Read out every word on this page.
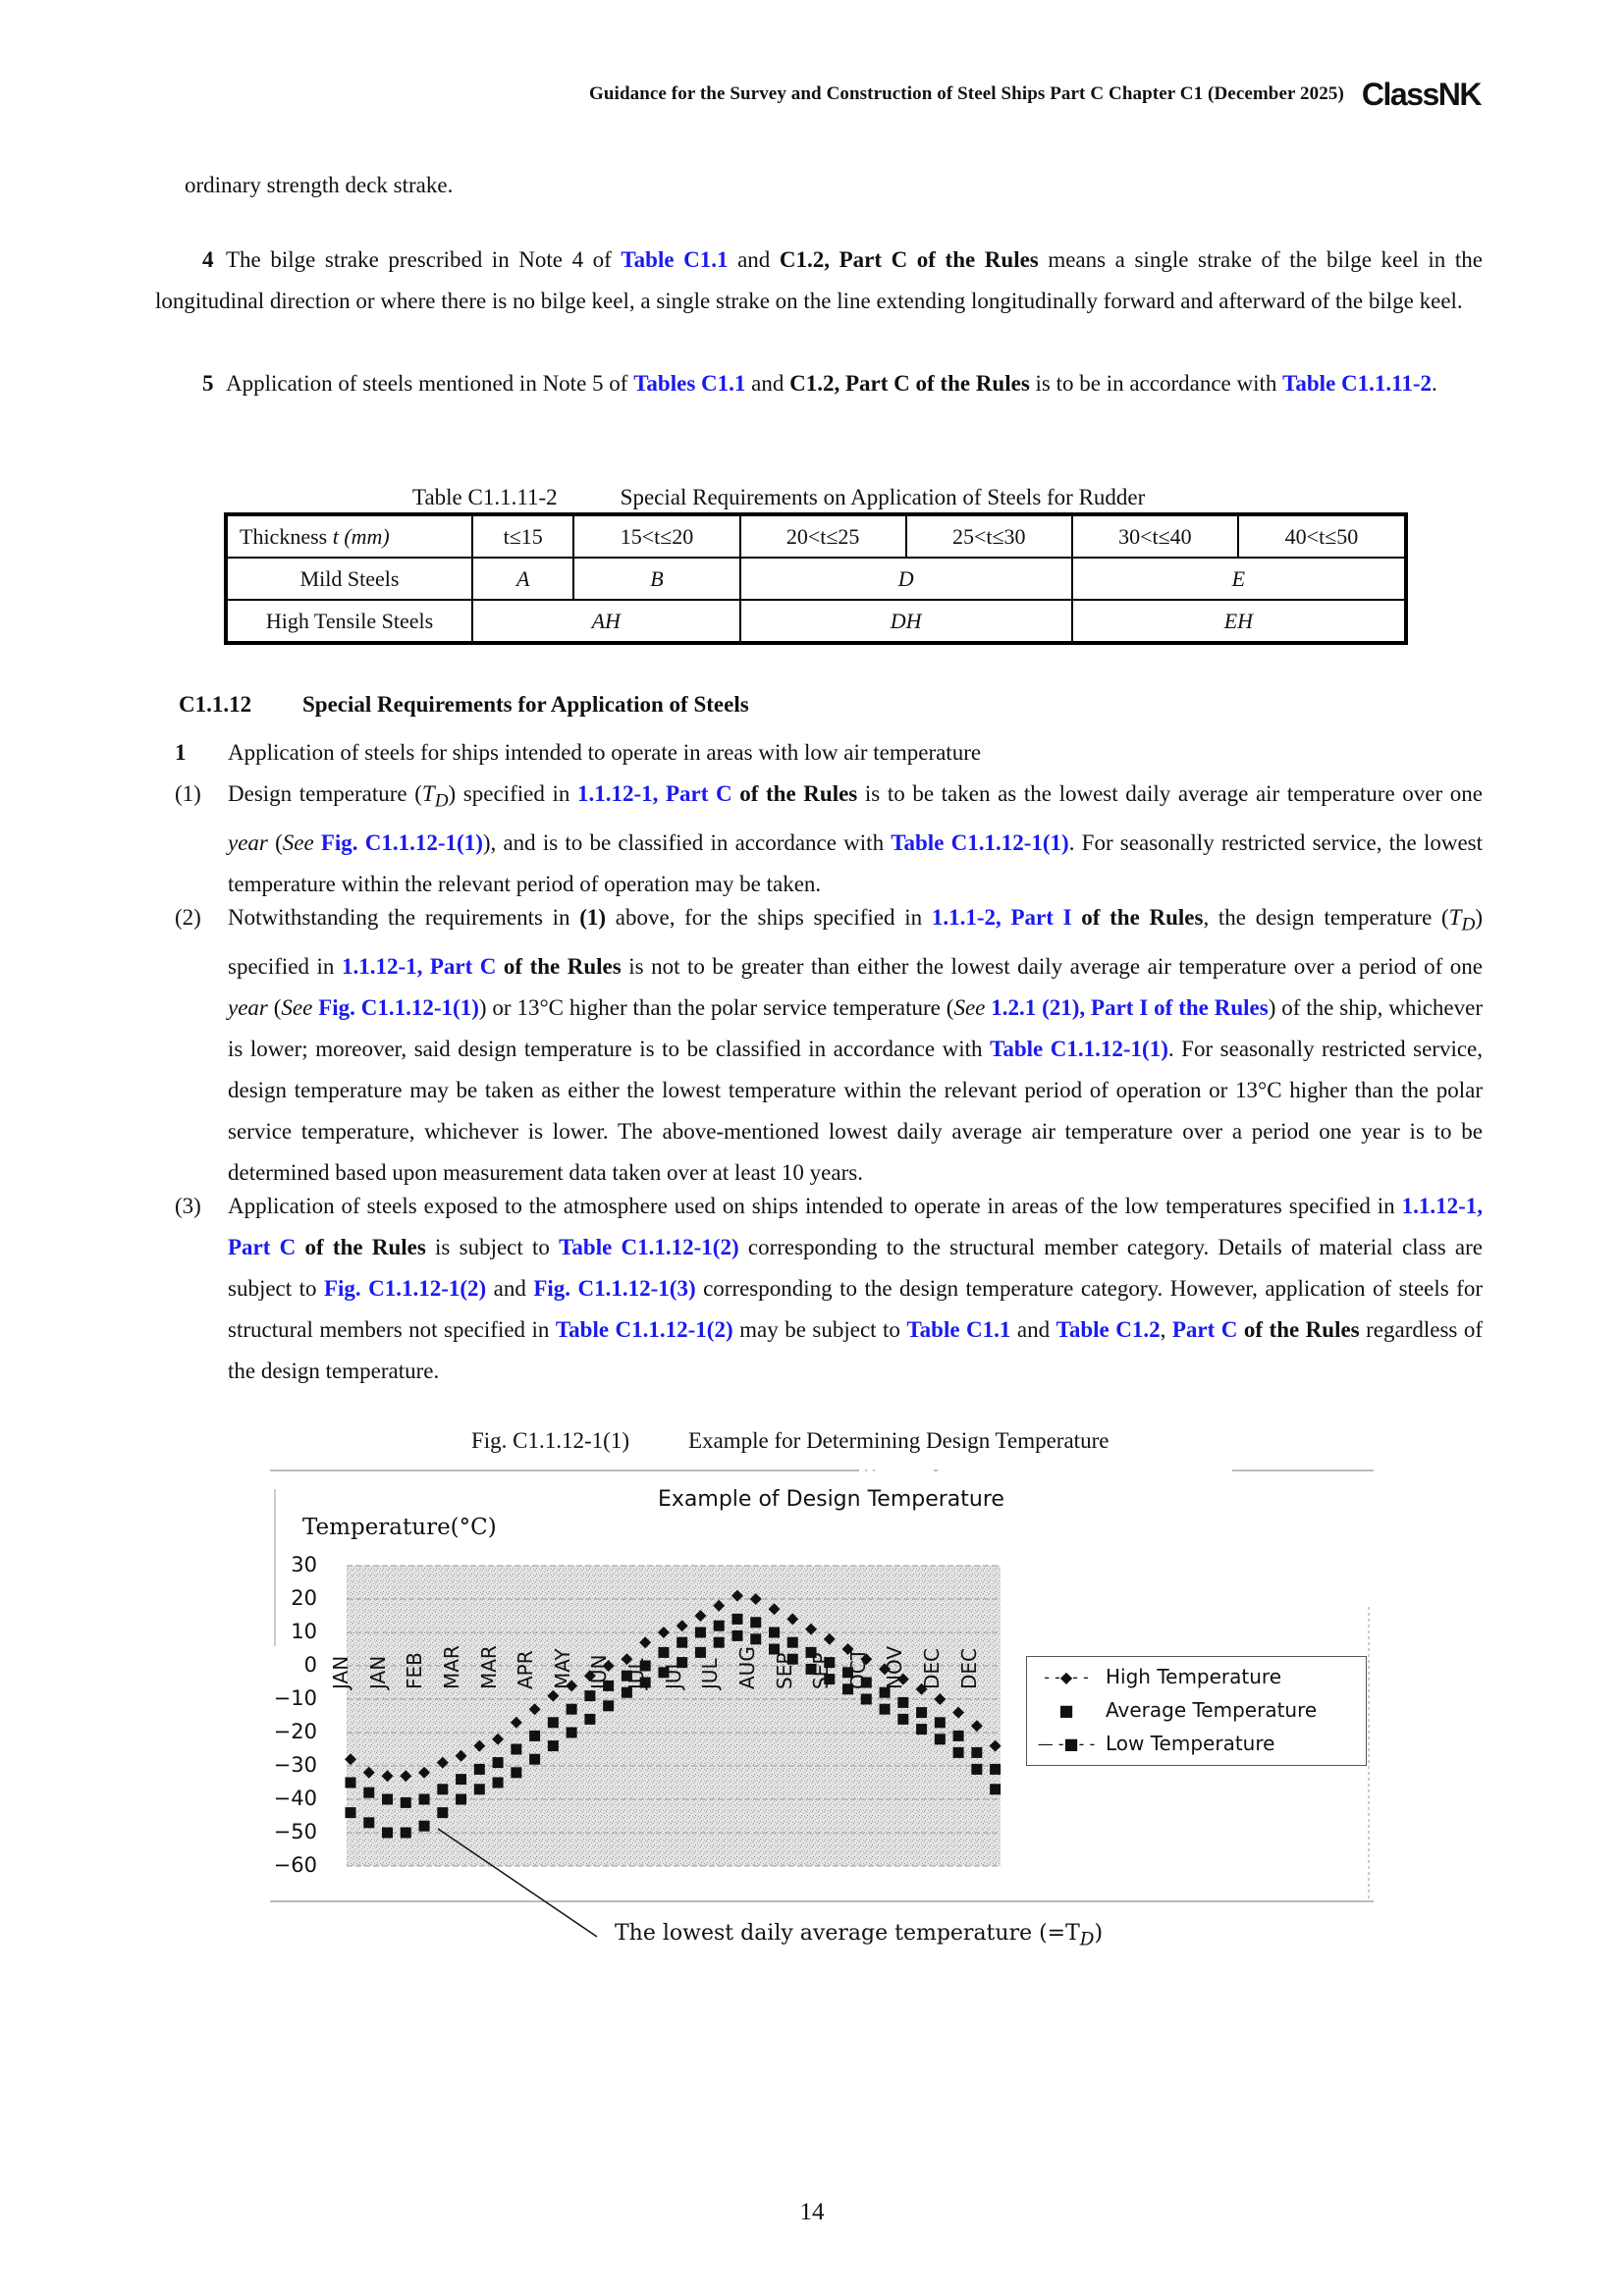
Guidance for the Survey and Construction of Steel Ships Part C Chapter C1 (December 2025) ClassNK
ordinary strength deck strake.
4 The bilge strake prescribed in Note 4 of Table C1.1 and C1.2, Part C of the Rules means a single strake of the bilge keel in the longitudinal direction or where there is no bilge keel, a single strake on the line extending longitudinally forward and afterward of the bilge keel.
5 Application of steels mentioned in Note 5 of Tables C1.1 and C1.2, Part C of the Rules is to be in accordance with Table C1.1.11-2.
Table C1.1.11-2	Special Requirements on Application of Steels for Rudder
Thickness t (mm)	t≤15	15<t≤20	20<t≤25	25<t≤30	30<t≤40	40<t≤50
Mild Steels	A	B	D		E	
High Tensile Steels	AH		DH		EH	
C1.1.12 Special Requirements for Application of Steels
1	Application of steels for ships intended to operate in areas with low air temperature
(1)	Design temperature $(T_D)$ specified in 1.1.12-1, Part C of the Rules is to be taken as the lowest daily average air temperature over one year (See Fig. C1.1.12-1(1)), and is to be classified in accordance with Table C1.1.12-1(1). For seasonally restricted service, the lowest temperature within the relevant period of operation may be taken.
(2)	Notwithstanding the requirements in (1) above, for the ships specified in 1.1.1-2, Part I of the Rules, the design temperature $(T_D)$ specified in 1.1.12-1, Part C of the Rules is not to be greater than either the lowest daily average air temperature over a period of one year (See Fig. C1.1.12-1(1)) or 13°C higher than the polar service temperature (See 1.2.1 (21), Part I of the Rules) of the ship, whichever is lower; moreover, said design temperature is to be classified in accordance with Table C1.1.12-1(1). For seasonally restricted service, design temperature may be taken as either the lowest temperature within the relevant period of operation or 13°C higher than the polar service temperature, whichever is lower. The above-mentioned lowest daily average air temperature over a period one year is to be determined based upon measurement data taken over at least 10 years.
(3)	Application of steels exposed to the atmosphere used on ships intended to operate in areas of the low temperatures specified in 1.1.12-1, Part C of the Rules is subject to Table C1.1.12-1(2) corresponding to the structural member category. Details of material class are subject to Fig. C1.1.12-1(2) and Fig. C1.1.12-1(3) corresponding to the design temperature category. However, application of steels for structural members not specified in Table C1.1.12-1(2) may be subject to Table C1.1 and Table C1.2, Part C of the Rules regardless of the design temperature.
Fig. C1.1.12-1(1)	Example for Determining Design Temperature
Example of Design Temperature
Temperature(°C)
30
20
10
0
−10
−20
−30
−40
−50
−60
JAN JAN FEB MAR MAR APR MAY JUN JUL JUL JUL AUG SEP SEP OCT NOV DEC DEC	- -◆- - High Temperature
■	Average Temperature
— -■- - Low Temperature
The lowest daily average temperature $(=T_D)$
14
